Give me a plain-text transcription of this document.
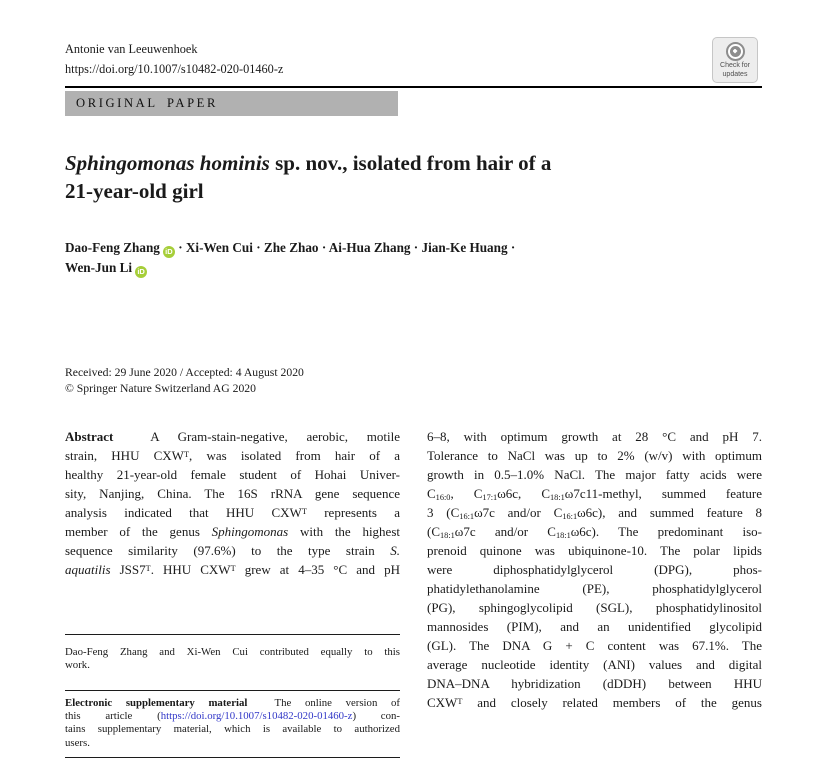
Antonie van Leeuwenhoek
https://doi.org/10.1007/s10482-020-01460-z	Check for
updates
ORIGINAL PAPER
Sphingomonas hominis sp. nov., isolated from hair of a
21-year-old girl
Dao-Feng Zhang iD · Xi-Wen Cui · Zhe Zhao · Ai-Hua Zhang · Jian-Ke Huang ·
Wen-Jun Li iD
Received: 29 June 2020 / Accepted: 4 August 2020
© Springer Nature Switzerland AG 2020
Abstract  A Gram-stain-negative, aerobic, motile
strain, HHU $CXW^T$, was isolated from hair of a
healthy 21-year-old female student of Hohai Univer-
sity, Nanjing, China. The 16S rRNA gene sequence
analysis indicated that HHU $CXW^T$ represents a
member of the genus Sphingomonas with the highest
sequence similarity (97.6%) to the type strain S.
aquatilis $JSS7^T$. HHU $CXW^T$ grew at 4–35 °C and pH
6–8, with optimum growth at 28 °C and pH 7.
Tolerance to NaCl was up to 2% (w/v) with optimum
growth in 0.5–1.0% NaCl. The major fatty acids were
$C_{16:0}$, $C_{17:1}\omega 6c$, $C_{18:1}\omega 7c11$-methyl, summed feature
3 ($C_{16:1}\omega 7c$ and/or $C_{16:1}\omega 6c$), and summed feature 8
($C_{18:1}\omega 7c$ and/or $C_{18:1}\omega 6c$). The predominant iso-
prenoid quinone was ubiquinone-10. The polar lipids
were diphosphatidylglycerol (DPG), phos-
phatidylethanolamine (PE), phosphatidylglycerol
(PG), sphingoglycolipid (SGL), phosphatidylinositol
mannosides (PIM), and an unidentified glycolipid
(GL). The DNA G + C content was 67.1%. The
average nucleotide identity (ANI) values and digital
DNA–DNA hybridization (dDDH) between HHU
$CXW^T$ and closely related members of the genus
Dao-Feng Zhang and Xi-Wen Cui contributed equally to this
work.
Electronic supplementary material  The online version of
this article (https://doi.org/10.1007/s10482-020-01460-z) con-
tains supplementary material, which is available to authorized
users.
